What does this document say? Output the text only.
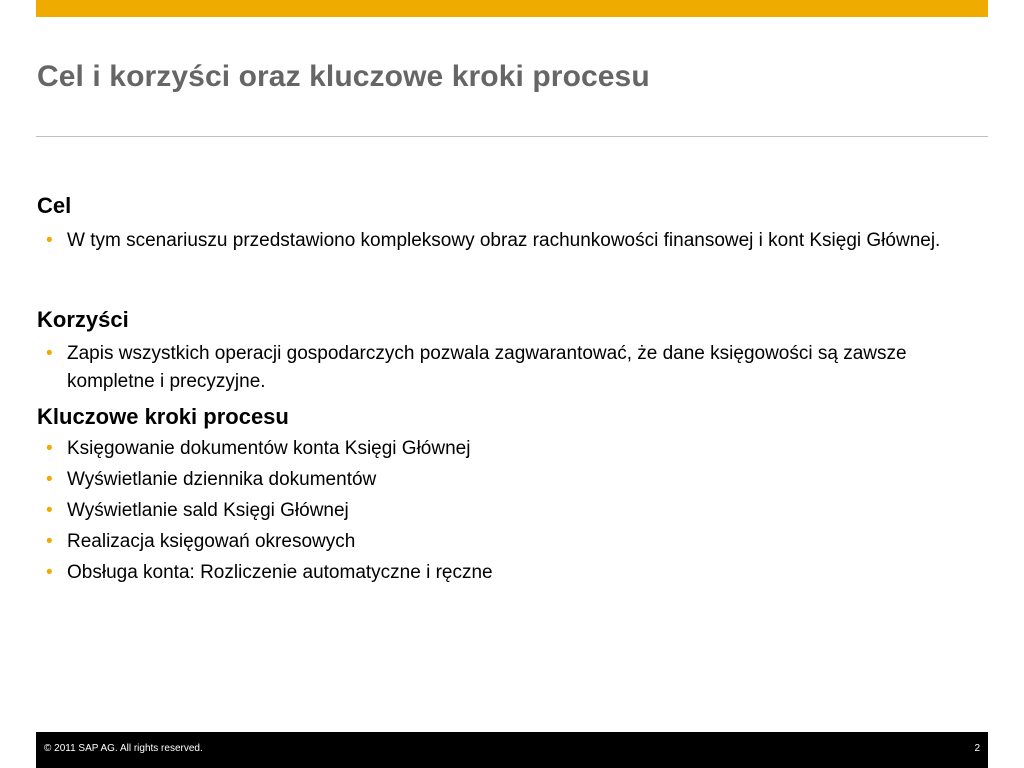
Cel i korzyści oraz kluczowe kroki procesu
Cel
• W tym scenariuszu przedstawiono kompleksowy obraz rachunkowości finansowej i kont Księgi Głównej.
Korzyści
• Zapis wszystkich operacji gospodarczych pozwala zagwarantować, że dane księgowości są zawsze kompletne i precyzyjne.
Kluczowe kroki procesu
• Księgowanie dokumentów konta Księgi Głównej
• Wyświetlanie dziennika dokumentów
• Wyświetlanie sald Księgi Głównej
• Realizacja księgowań okresowych
• Obsługa konta: Rozliczenie automatyczne i ręczne
© 2011 SAP AG. All rights reserved.	2
